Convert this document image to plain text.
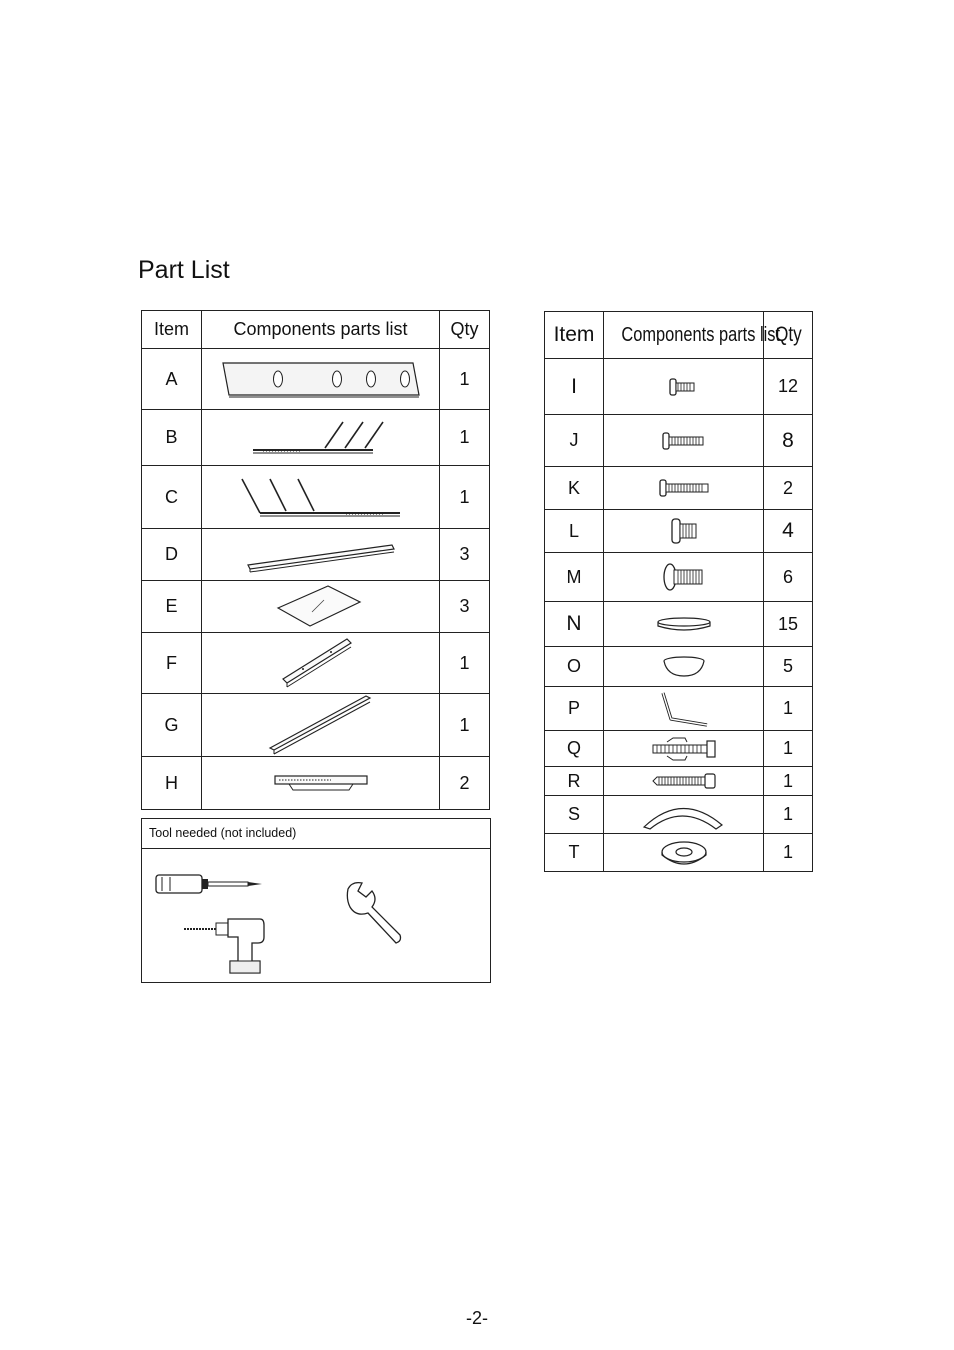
Part List
Item	Components parts list	Qty
A		1
B		1
C		1
D		3
E		3
F		1
G		1
H		2
Tool needed (not included)
Item	Components parts list	Qty
I		12
J		8
K		2
L		4
M		6
N		15
O		5
P		1
Q		1
R		1
S		1
T		1
-2-
